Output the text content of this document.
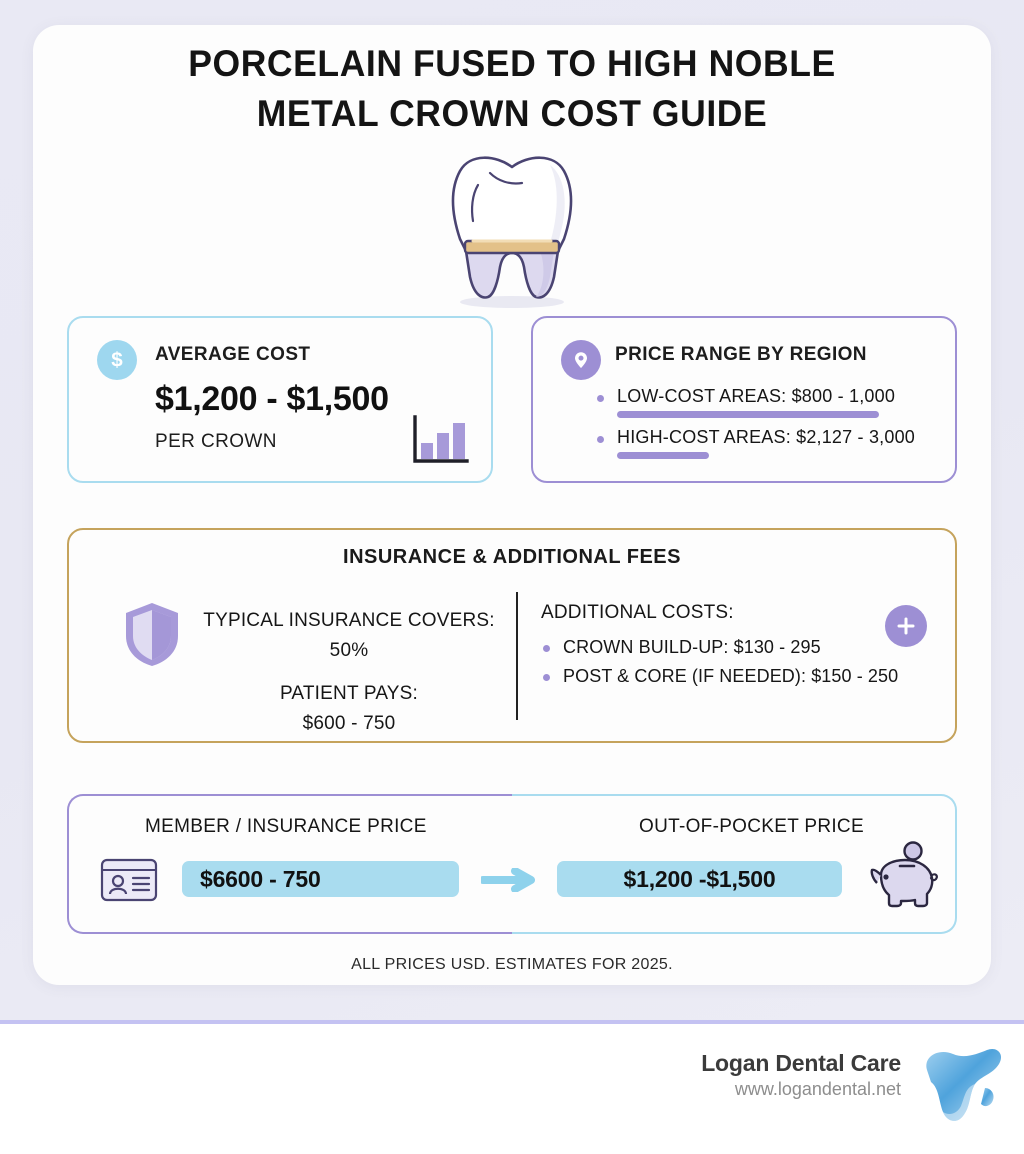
PORCELAIN FUSED TO HIGH NOBLE
METAL CROWN COST GUIDE
$ AVERAGE COST
$1,200 - $1,500
PER CROWN
PRICE RANGE BY REGION
LOW-COST AREAS: $800 - 1,000
HIGH-COST AREAS: $2,127 - 3,000
INSURANCE & ADDITIONAL FEES
TYPICAL INSURANCE COVERS:
50%
PATIENT PAYS:
$600 - 750
ADDITIONAL COSTS:
CROWN BUILD-UP: $130 - 295
POST & CORE (IF NEEDED): $150 - 250
MEMBER / INSURANCE PRICE	OUT-OF-POCKET PRICE
$6600 - 750	$1,200 -$1,500
ALL PRICES USD. ESTIMATES FOR 2025.
Logan Dental Care
www.logandental.net
